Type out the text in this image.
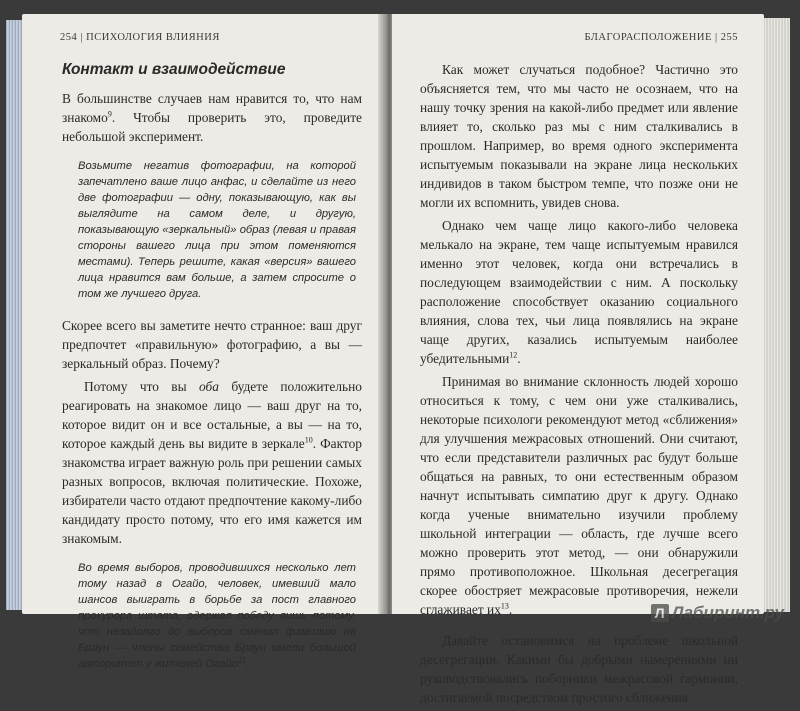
254 | ПСИХОЛОГИЯ ВЛИЯНИЯ
Контакт и взаимодействие

В большинстве случаев нам нравится то, что нам знакомо$^9$. Чтобы проверить это, проведите небольшой эксперимент.

Возьмите негатив фотографии, на которой запечатлено ваше лицо анфас, и сделайте из него две фотографии — одну, показывающую, как вы выглядите на самом деле, и другую, показывающую «зеркальный» образ (левая и правая стороны вашего лица при этом поменяются местами). Теперь решите, какая «версия» вашего лица нравится вам больше, а затем спросите о том же лучшего друга.

Скорее всего вы заметите нечто странное: ваш друг предпочтет «правильную» фотографию, а вы — зеркальный образ. Почему?

Потому что вы оба будете положительно реагировать на знакомое лицо — ваш друг на то, которое видит он и все остальные, а вы — на то, которое каждый день вы видите в зеркале$^{10}$. Фактор знакомства играет важную роль при решении самых разных вопросов, включая политические. Похоже, избиратели часто отдают предпочтение какому-либо кандидату просто потому, что его имя кажется им знакомым.

Во время выборов, проводившихся несколько лет тому назад в Огайо, человек, имевший мало шансов выиграть в борьбе за пост главного прокурора штата, одержал победу лишь потому, что незадолго до выборов сменил фамилию на Браун — члены семейства Браун имели большой авторитет у жителей Огайо$^{11}$.
БЛАГОРАСПОЛОЖЕНИЕ | 255

Как может случаться подобное? Частично это объясняется тем, что мы часто не осознаем, что на нашу точку зрения на какой-либо предмет или явление влияет то, сколько раз мы с ним сталкивались в прошлом. Например, во время одного эксперимента испытуемым показывали на экране лица нескольких индивидов в таком быстром темпе, что позже они не могли их вспомнить, увидев снова.

Однако чем чаще лицо какого-либо человека мелькало на экране, тем чаще испытуемым нравился именно этот человек, когда они встречались в последующем взаимодействии с ним. А поскольку расположение способствует оказанию социального влияния, слова тех, чьи лица появлялись на экране чаще других, казались испытуемым наиболее убедительными$^{12}$.

Принимая во внимание склонность людей хорошо относиться к тому, с чем они уже сталкивались, некоторые психологи рекомендуют метод «сближения» для улучшения межрасовых отношений. Они считают, что если представители различных рас будут больше общаться на равных, то они естественным образом начнут испытывать симпатию друг к другу. Однако когда ученые внимательно изучили проблему школьной интеграции — область, где лучше всего можно проверить этот метод, — они обнаружили прямо противоположное. Школьная десегрегация скорее обостряет межрасовые противоречия, нежели сглаживает $их^{13}$.

Давайте остановимся на проблеме школьной десегрегации. Какими бы добрыми намерениями ни руководствовались поборники межрасовой гармонии, достигаемой посредством простого сближения

Л Лабиринт.ру
